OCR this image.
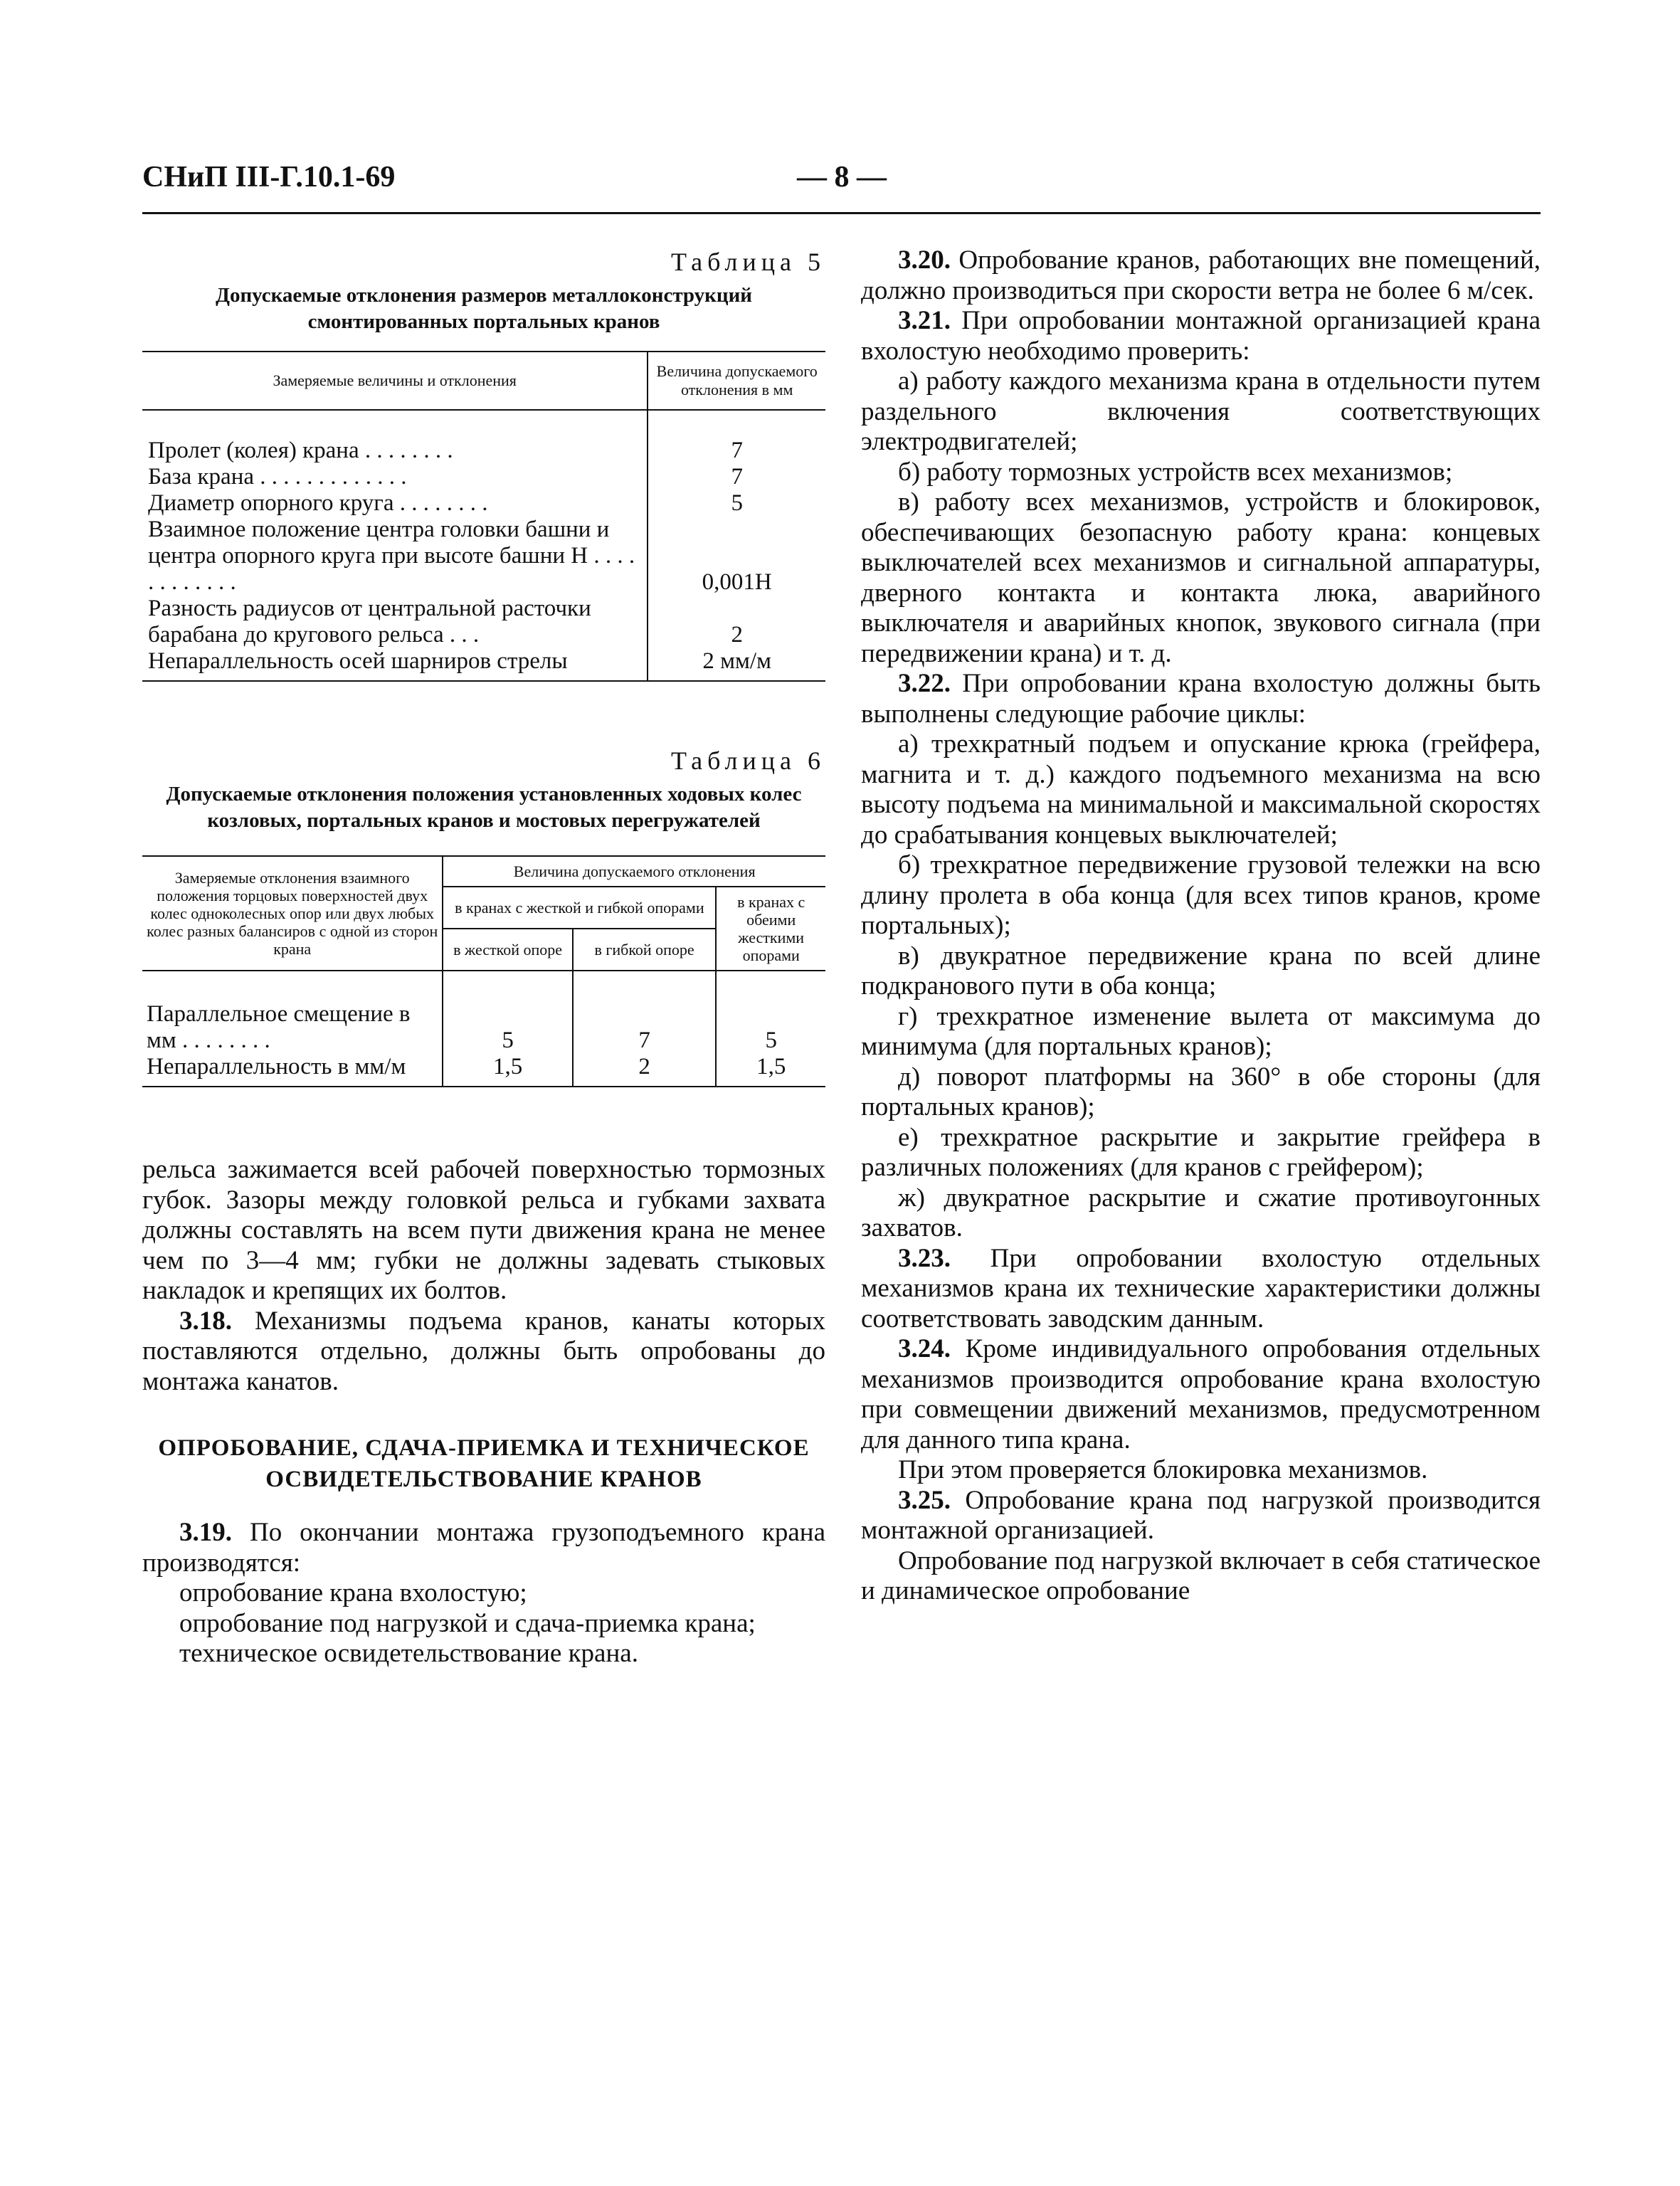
СНиП III-Г.10.1-69	— 8 —
Таблица 5
Допускаемые отклонения размеров металлоконструкций смонтированных портальных кранов
Замеряемые величины и отклонения	Величина допускаемого отклонения в мм
Пролет (колея) крана . . . . . . . .	7
База крана . . . . . . . . . . . . .	7
Диаметр опорного круга . . . . . . . .	5
Взаимное положение центра головки башни и центра опорного круга при высоте башни H . . . . . . . . . . . .	0,001H
Разность радиусов от центральной расточки барабана до кругового рельса . . .	2
Непараллельность осей шарниров стрелы	2 мм/м
Таблица 6
Допускаемые отклонения положения установленных ходовых колес козловых, портальных кранов и мостовых перегружателей
Замеряемые отклонения взаимного положения торцовых поверхностей двух колес одноколесных опор или двух любых колес разных балансиров с одной из сторон крана	Величина допускаемого отклонения		
	в кранах с жесткой и гибкой опорами		в кранах с обеими жесткими опорами
	в жесткой опоре	в гибкой опоре	
Параллельное смещение в мм . . . . . . . .	5	7	5
Непараллельность в мм/м	1,5	2	1,5

рельса зажимается всей рабочей поверхностью тормозных губок. Зазоры между головкой рельса и губками захвата должны составлять на всем пути движения крана не менее чем по 3—4 мм; губки не должны задевать стыковых накладок и крепящих их болтов.

3.18. Механизмы подъема кранов, канаты которых поставляются отдельно, должны быть опробованы до монтажа канатов.

ОПРОБОВАНИЕ, СДАЧА-ПРИЕМКА И ТЕХНИЧЕСКОЕ ОСВИДЕТЕЛЬСТВОВАНИЕ КРАНОВ

3.19. По окончании монтажа грузоподъемного крана производятся:

опробование крана вхолостую;

опробование под нагрузкой и сдача-приемка крана;

техническое освидетельствование крана.

3.20. Опробование кранов, работающих вне помещений, должно производиться при скорости ветра не более 6 м/сек.

3.21. При опробовании монтажной организацией крана вхолостую необходимо проверить:

а) работу каждого механизма крана в отдельности путем раздельного включения соответствующих электродвигателей;

б) работу тормозных устройств всех механизмов;

в) работу всех механизмов, устройств и блокировок, обеспечивающих безопасную работу крана: концевых выключателей всех механизмов и сигнальной аппаратуры, дверного контакта и контакта люка, аварийного выключателя и аварийных кнопок, звукового сигнала (при передвижении крана) и т. д.

3.22. При опробовании крана вхолостую должны быть выполнены следующие рабочие циклы:

а) трехкратный подъем и опускание крюка (грейфера, магнита и т. д.) каждого подъемного механизма на всю высоту подъема на минимальной и максимальной скоростях до срабатывания концевых выключателей;

б) трехкратное передвижение грузовой тележки на всю длину пролета в оба конца (для всех типов кранов, кроме портальных);

в) двукратное передвижение крана по всей длине подкранового пути в оба конца;

г) трехкратное изменение вылета от максимума до минимума (для портальных кранов);

д) поворот платформы на 360° в обе стороны (для портальных кранов);

е) трехкратное раскрытие и закрытие грейфера в различных положениях (для кранов с грейфером);

ж) двукратное раскрытие и сжатие противоугонных захватов.

3.23. При опробовании вхолостую отдельных механизмов крана их технические характеристики должны соответствовать заводским данным.

3.24. Кроме индивидуального опробования отдельных механизмов производится опробование крана вхолостую при совмещении движений механизмов, предусмотренном для данного типа крана.

При этом проверяется блокировка механизмов.

3.25. Опробование крана под нагрузкой производится монтажной организацией.

Опробование под нагрузкой включает в себя статическое и динамическое опробование
